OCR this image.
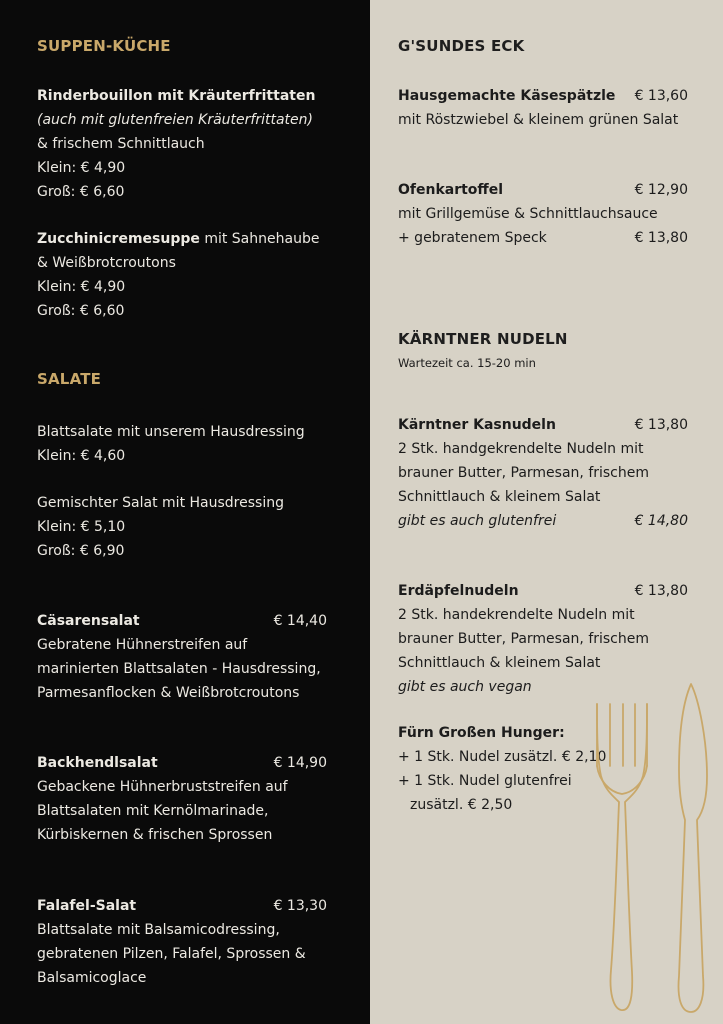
SUPPEN-KÜCHE
Rinderbouillon mit Kräuterfrittaten
(auch mit glutenfreien Kräuterfrittaten)
& frischem Schnittlauch
Klein: € 4,90
Groß: € 6,60
Zucchinicremesuppe mit Sahnehaube
& Weißbrotcroutons
Klein: € 4,90
Groß: € 6,60
SALATE
Blattsalate mit unserem Hausdressing
Klein: € 4,60
Gemischter Salat mit Hausdressing
Klein: € 5,10
Groß: € 6,90
Cäsarensalat	€ 14,40
Gebratene Hühnerstreifen auf
marinierten Blattsalaten - Hausdressing,
Parmesanflocken & Weißbrotcroutons
Backhendlsalat	€ 14,90
Gebackene Hühnerbruststreifen auf
Blattsalaten mit Kernölmarinade,
Kürbiskernen & frischen Sprossen
Falafel-Salat	€ 13,30
Blattsalate mit Balsamicodressing,
gebratenen Pilzen, Falafel, Sprossen &
Balsamicoglace
G'SUNDES ECK
Hausgemachte Käsespätzle € 13,60
mit Röstzwiebel & kleinem grünen Salat
Ofenkartoffel	€ 12,90
mit Grillgemüse & Schnittlauchsauce
+ gebratenem Speck	€ 13,80
KÄRNTNER NUDELN
Wartezeit ca. 15-20 min
Kärntner Kasnudeln	€ 13,80
2 Stk. handgekrendelte Nudeln mit
brauner Butter, Parmesan, frischem
Schnittlauch & kleinem Salat
gibt es auch glutenfrei	€ 14,80
Erdäpfelnudeln	€ 13,80
2 Stk. handekrendelte Nudeln mit
brauner Butter, Parmesan, frischem
Schnittlauch & kleinem Salat
gibt es auch vegan
Fürn Großen Hunger:
+ 1 Stk. Nudel zusätzl. € 2,10
+ 1 Stk. Nudel glutenfrei
zusätzl. € 2,50
